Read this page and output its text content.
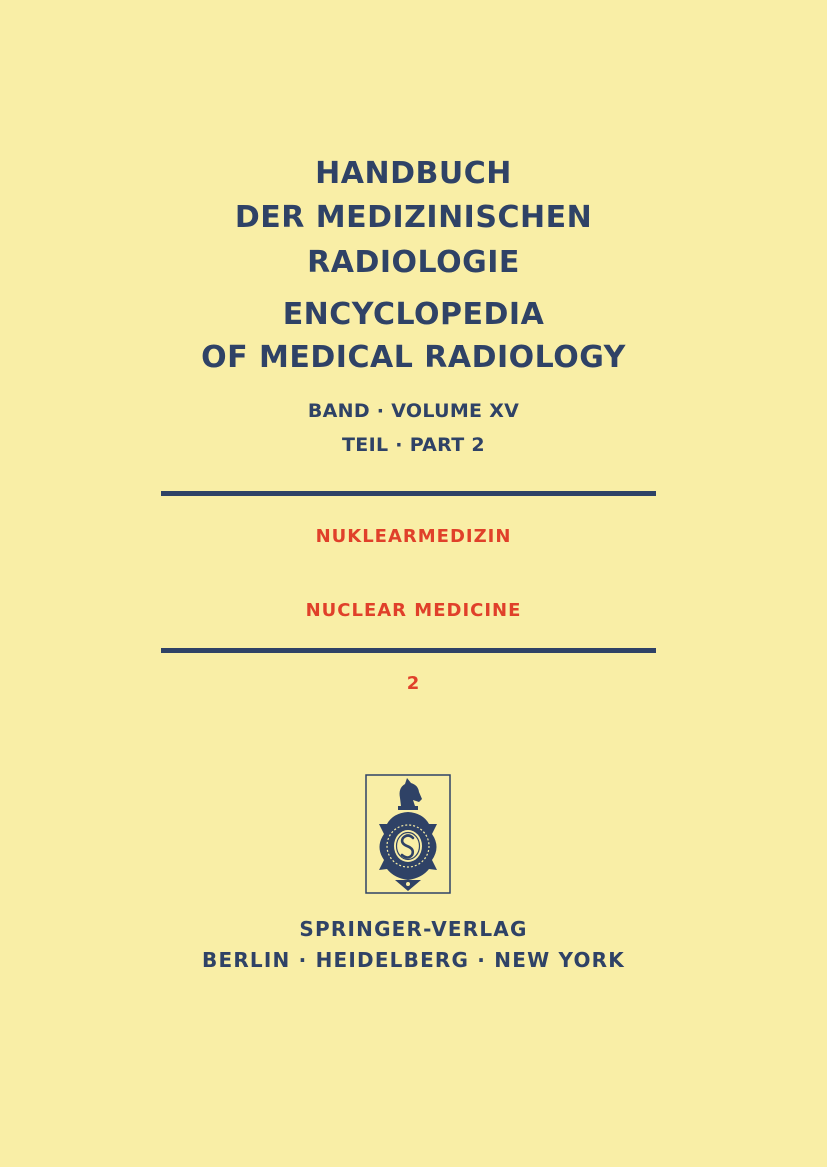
HANDBUCH
DER MEDIZINISCHEN
RADIOLOGIE
ENCYCLOPEDIA
OF MEDICAL RADIOLOGY
BAND · VOLUME XV
TEIL · PART 2
NUKLEARMEDIZIN
NUCLEAR MEDICINE
2
SPRINGER-VERLAG
BERLIN · HEIDELBERG · NEW YORK
